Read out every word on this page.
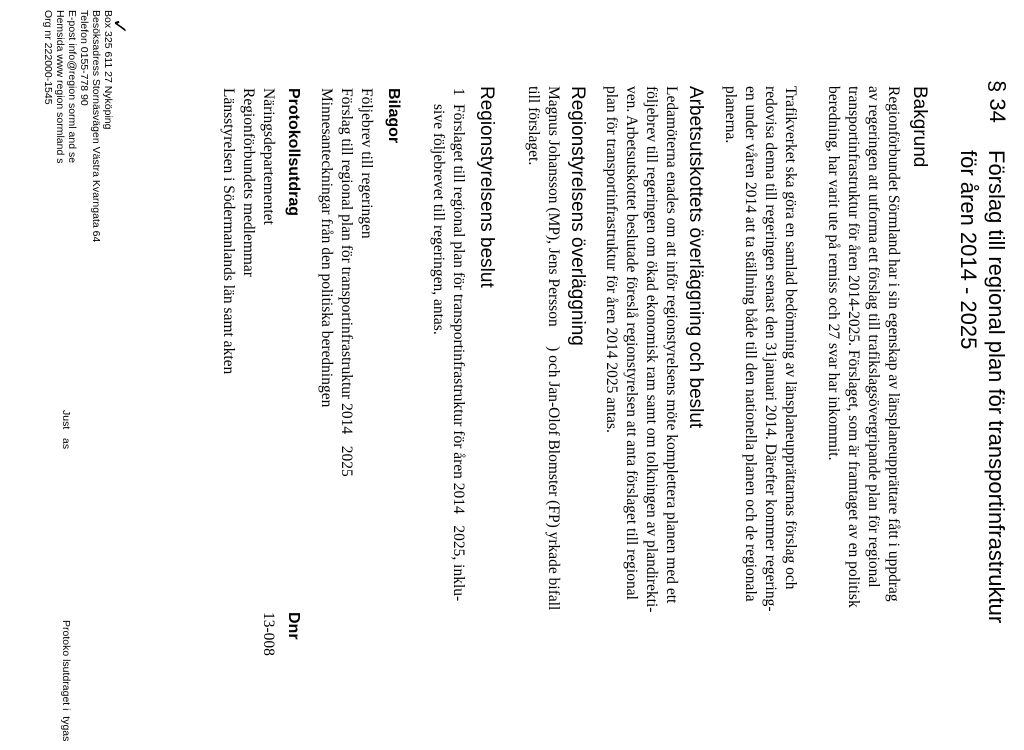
§ 34
Förslag till regional plan för transportinfrastruktur
för åren 2014 - 2025
Bakgrund
Regionförbundet Sörmland har i sin egenskap av länsplaneupprättare fått i uppdrag
av regeringen att utforma ett förslag till trafikslagsövergripande plan för regional
transportinfrastruktur för åren 2014-2025. Förslaget, som är framtaget av en politisk
beredning, har varit ute på remiss och 27 svar har inkommit.
Trafikverket ska göra en samlad bedömning av länsplaneupprättarnas förslag och
redovisa denna till regeringen senast den 31januari 2014. Därefter kommer regering-
en under våren 2014 att ta ställning både till den nationella planen och de regionala
planerna.
Arbetsutskottets överläggning och beslut
Ledamöterna enades om att inför regionstyrelsens möte komplettera planen med ett
följebrev till regeringen om ökad ekonomisk ram samt om tolkningen av plandirekti-
ven. Arbetsutskottet beslutade föreslå regionstyrelsen att anta förslaget till regional
plan för transportinfrastruktur för åren 2014 2025 antas.
Regionstyrelsens överläggning
Magnus Johansson (MP), Jens Persson     ) och Jan-Olof Blomster (FP) yrkade bifall
till förslaget.
Regionstyrelsens beslut
1
Förslaget till regional plan för transportinfrastruktur för åren 2014   2025, inklu-
sive följebrevet till regeringen, antas.
Bilagor
Följebrev till regeringen
Förslag till regional plan för transportinfrastruktur 2014   2025
Minnesanteckningar från den politiska beredningen
Protokollsutdrag
Dnr
Näringsdepartementet
Regionförbundets medlemmar
Länsstyrelsen i Södermanlands län samt akten
13-008
✓
Box 325 611 27 Nyköping
Besöksadress Stornäsvägen Västra Kvarngata 64
Telefon 0155-778 90
E-post info@region sorml and se
Hemsida www region sormland s
Org nr 222000-1545
Just   as
Protoko lsutdraget i  tygas
